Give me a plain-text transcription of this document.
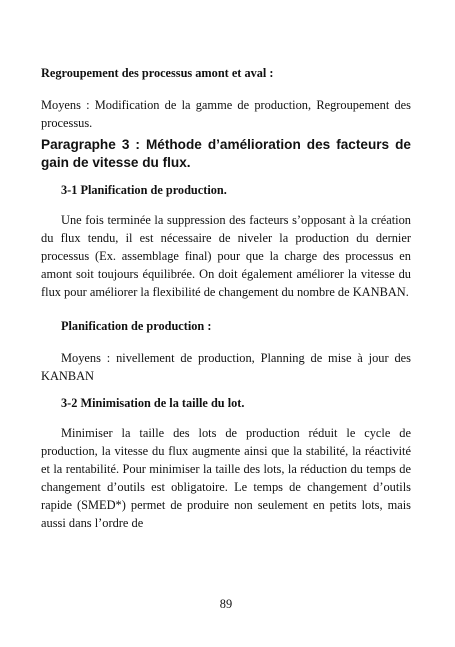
Regroupement des processus amont et aval :

Moyens : Modification de la gamme de production, Regroupement des processus.

Paragraphe 3 : Méthode d’amélioration des facteurs de gain de vitesse du flux.

3-1 Planification de production.

Une fois terminée la suppression des facteurs s’opposant à la création du flux tendu, il est nécessaire de niveler la production du dernier processus (Ex. assemblage final) pour que la charge des processus en amont soit toujours équilibrée. On doit également améliorer la vitesse du flux pour améliorer la flexibilité de changement du nombre de KANBAN.

Planification de production :

Moyens : nivellement de production, Planning de mise à jour des KANBAN

3-2 Minimisation de la taille du lot.

Minimiser la taille des lots de production réduit le cycle de production, la vitesse du flux augmente ainsi que la stabilité, la réactivité et la rentabilité. Pour minimiser la taille des lots, la réduction du temps de changement d’outils est obligatoire. Le temps de changement d’outils rapide (SMED*) permet de produire non seulement en petits lots, mais aussi dans l’ordre de

89
